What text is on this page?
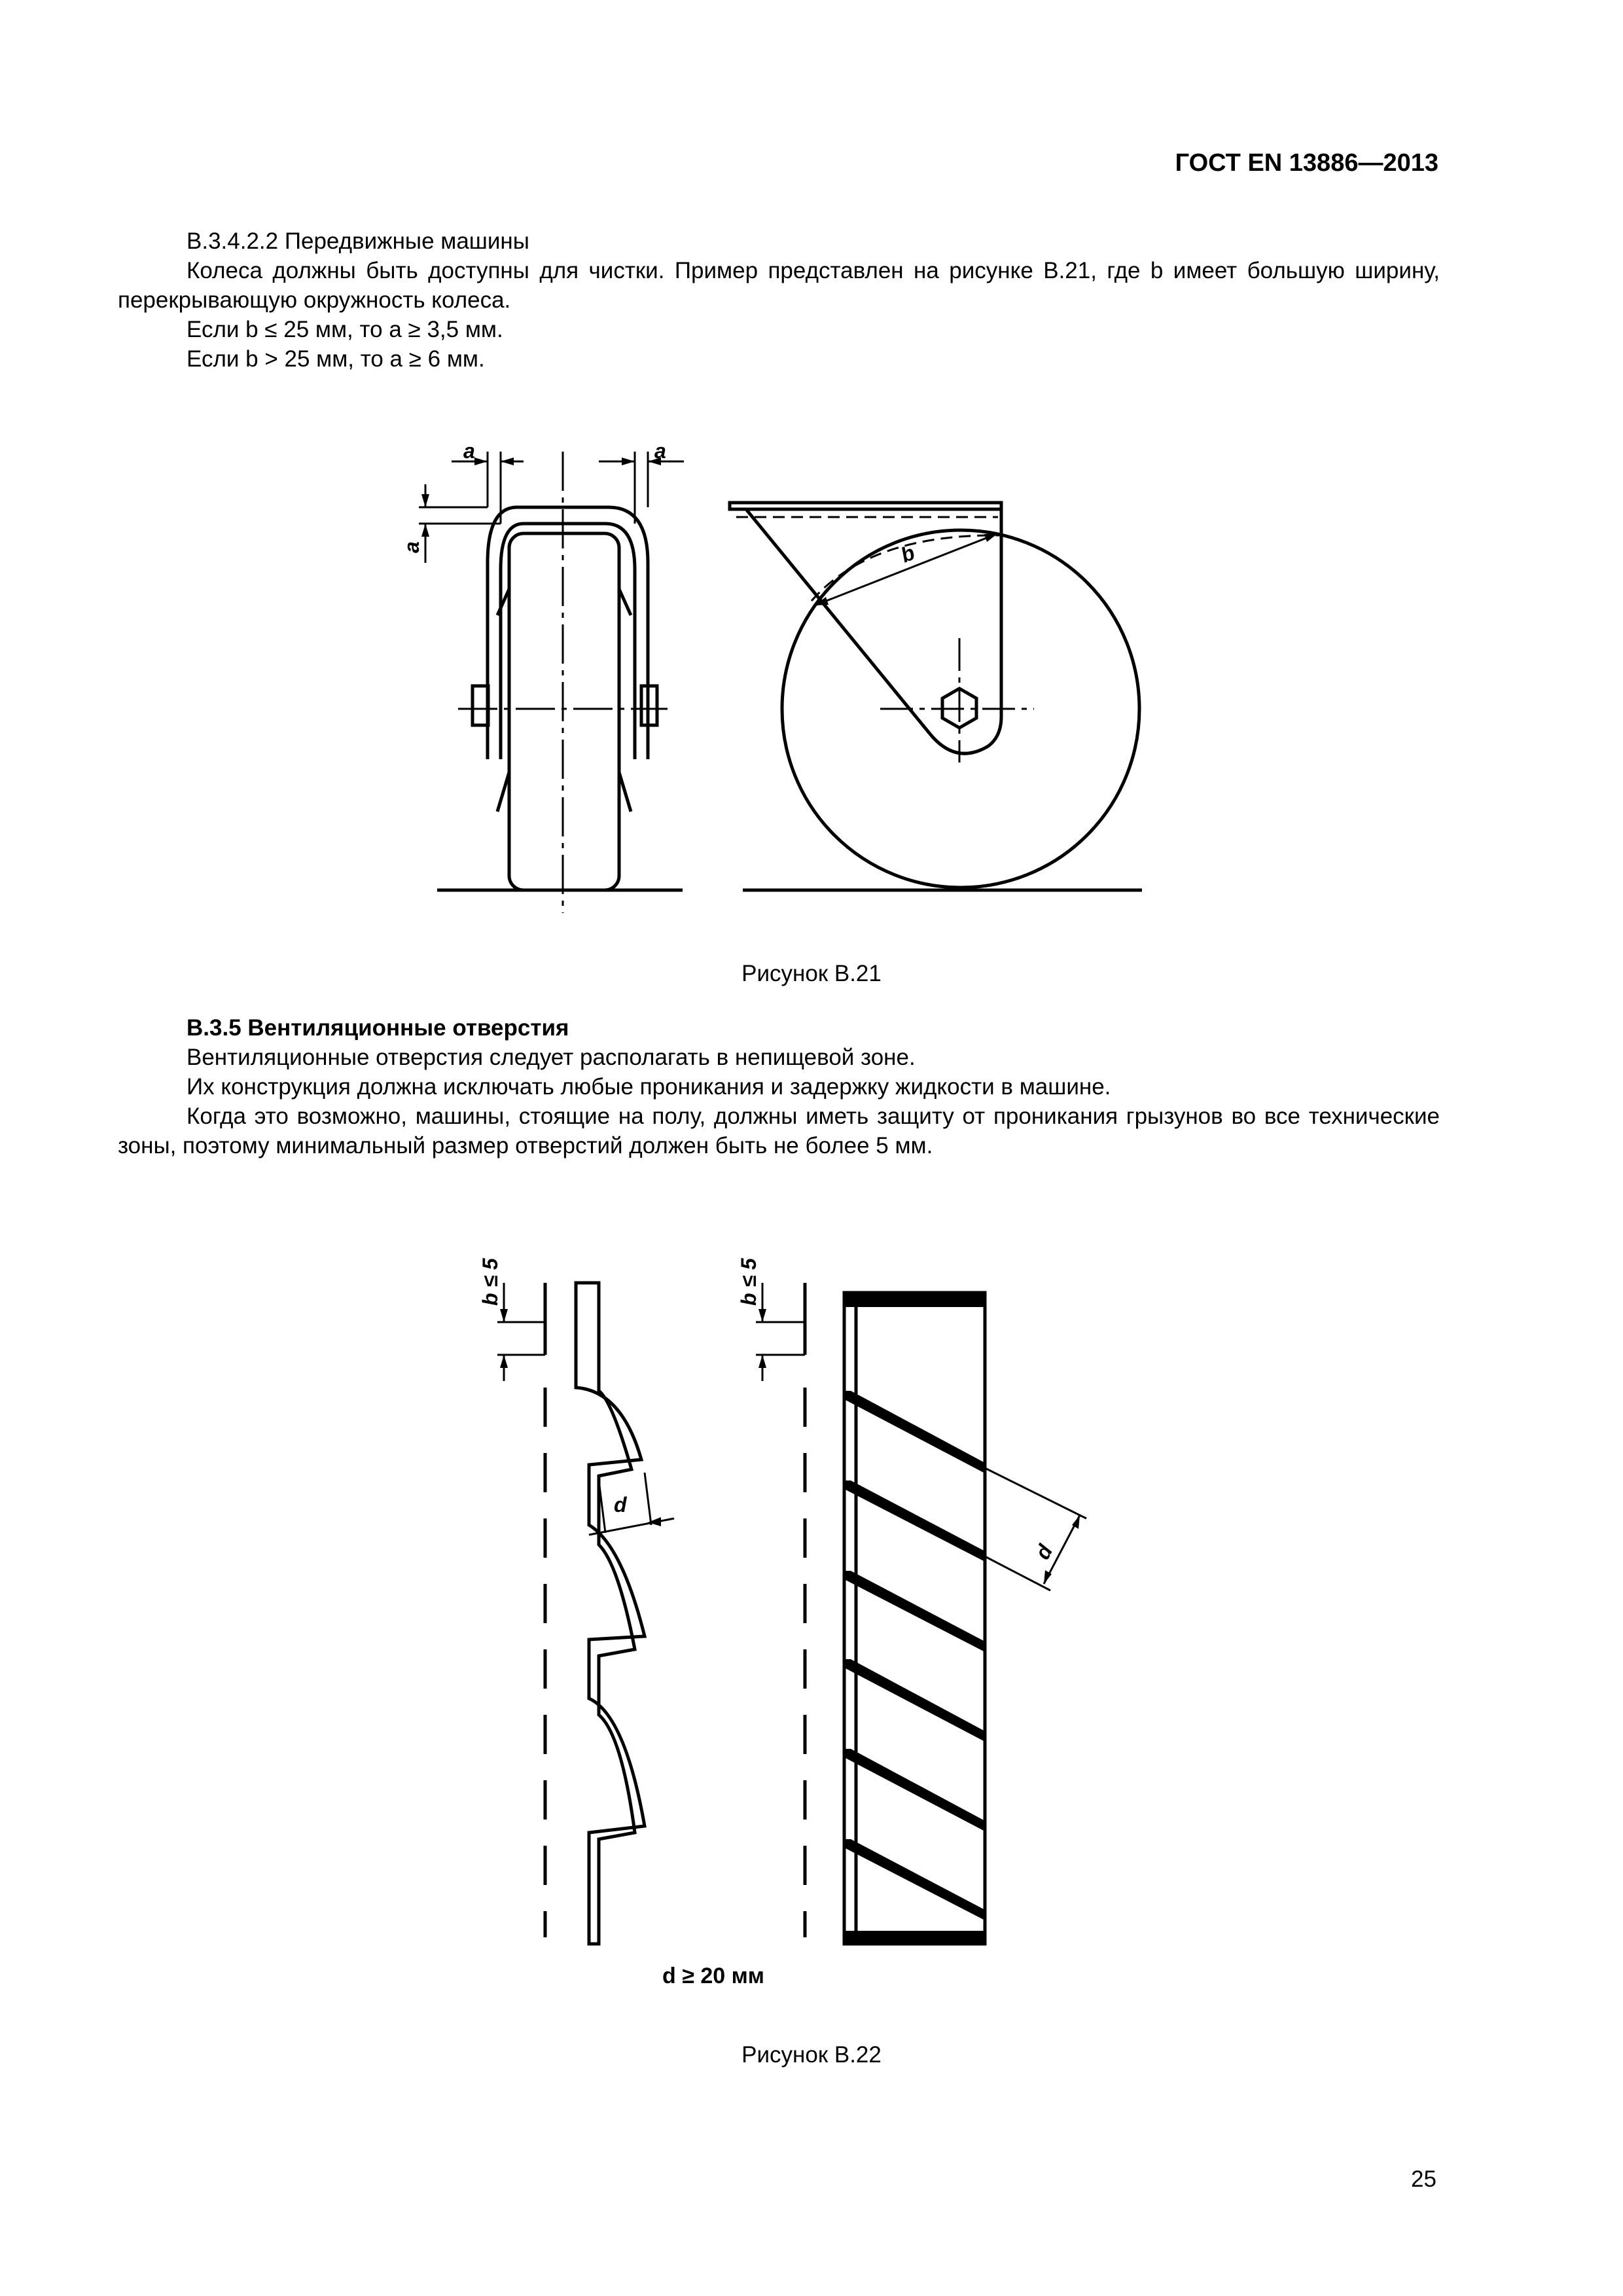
ГОСТ EN 13886—2013

B.3.4.2.2 Передвижные машины

Колеса должны быть доступны для чистки. Пример представлен на рисунке B.21, где b имеет большую ширину, перекрывающую окружность колеса.

Если b ≤ 25 мм, то a ≥ 3,5 мм.

Если b > 25 мм, то a ≥ 6 мм.

a	a
a	b
Рисунок B.21

B.3.5 Вентиляционные отверстия

Вентиляционные отверстия следует располагать в непищевой зоне.

Их конструкция должна исключать любые проникания и задержку жидкости в машине.

Когда это возможно, машины, стоящие на полу, должны иметь защиту от проникания грызунов во все технические зоны, поэтому минимальный размер отверстий должен быть не более 5 мм.

b ≤ 5	b ≤ 5
d
d
d ≥ 20 мм
Рисунок B.22
25
